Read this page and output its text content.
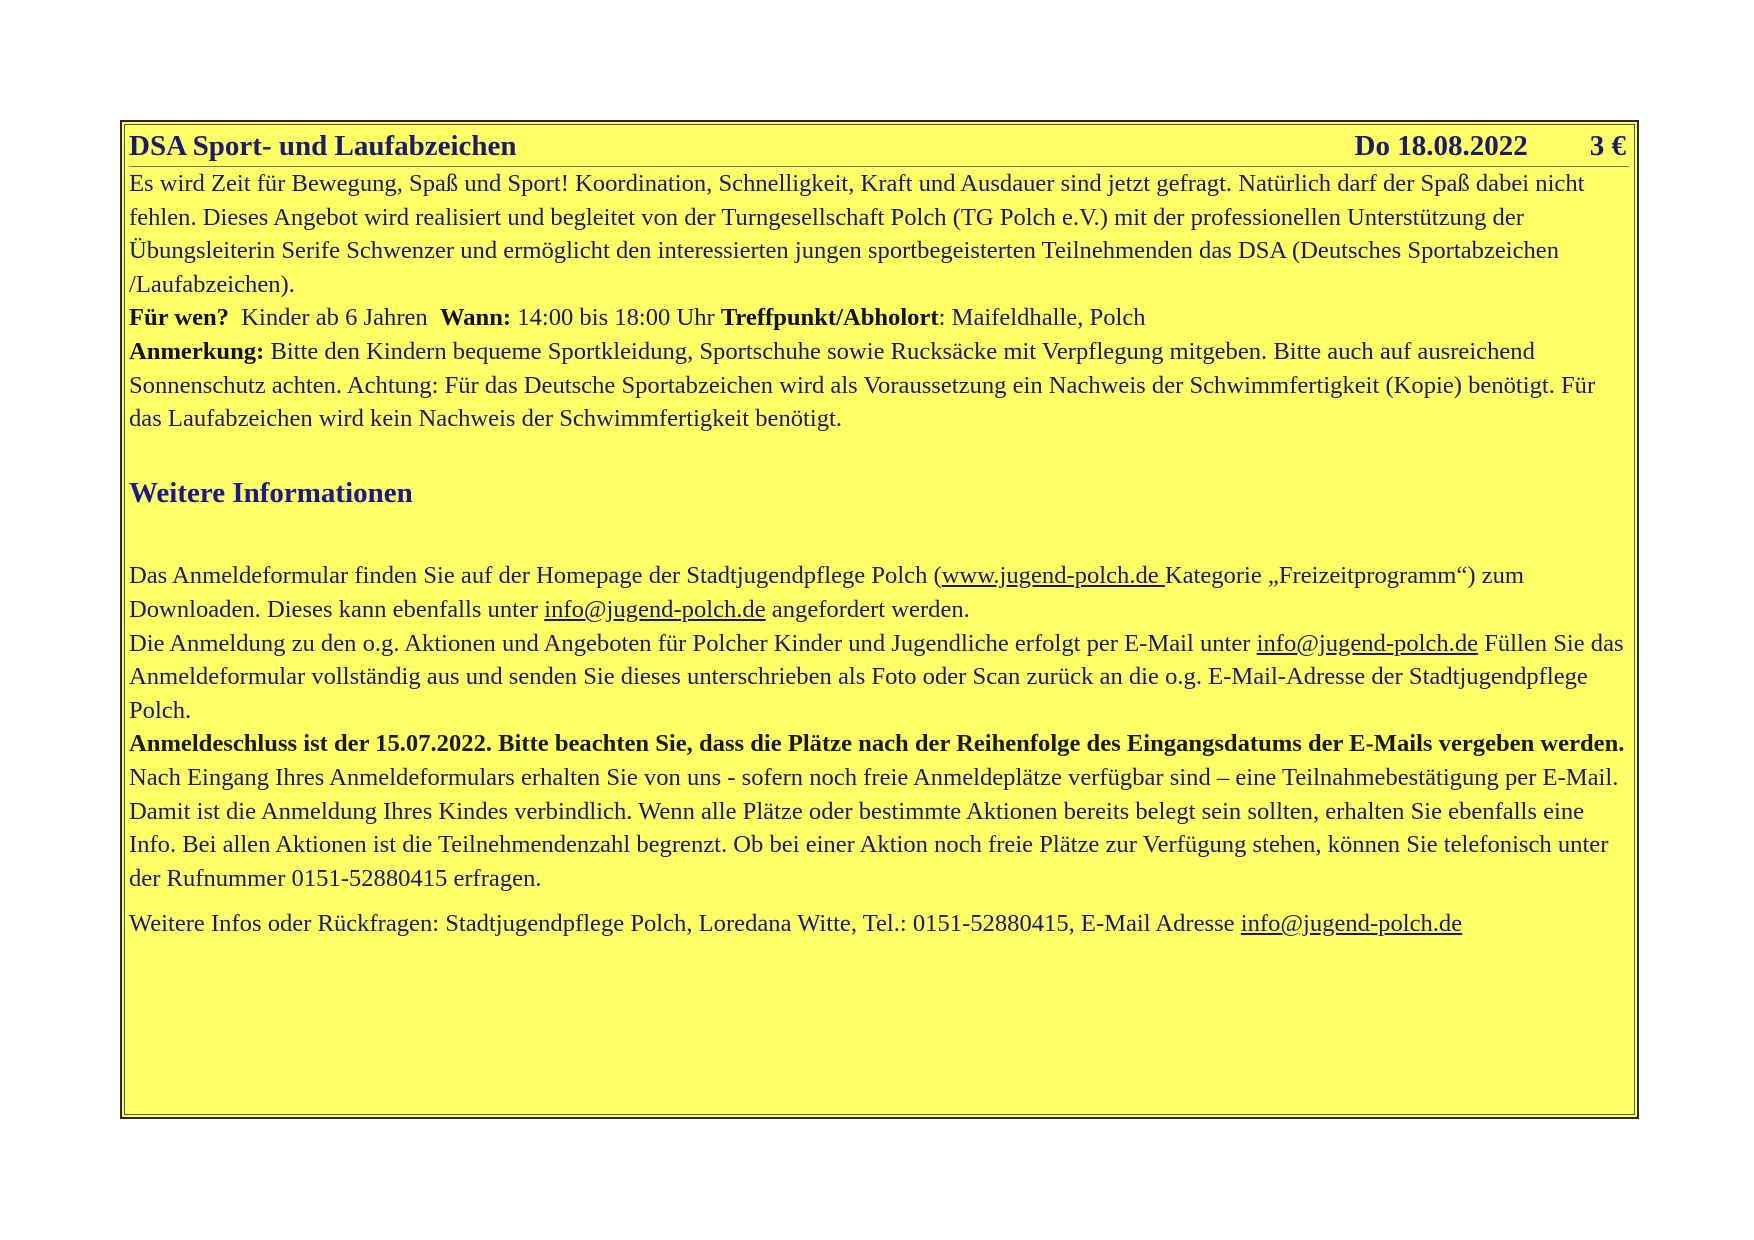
DSA Sport- und Laufabzeichen	Do 18.08.2022 3 €

Es wird Zeit für Bewegung, Spaß und Sport! Koordination, Schnelligkeit, Kraft und Ausdauer sind jetzt gefragt. Natürlich darf der Spaß dabei nicht fehlen. Dieses Angebot wird realisiert und begleitet von der Turngesellschaft Polch (TG Polch e.V.) mit der professionellen Unterstützung der Übungsleiterin Serife Schwenzer und ermöglicht den interessierten jungen sportbegeisterten Teilnehmenden das DSA (Deutsches Sportabzeichen /Laufabzeichen).

Für wen? Kinder ab 6 Jahren Wann: 14:00 bis 18:00 Uhr Treffpunkt/Abholort: Maifeldhalle, Polch

Anmerkung: Bitte den Kindern bequeme Sportkleidung, Sportschuhe sowie Rucksäcke mit Verpflegung mitgeben. Bitte auch auf ausreichend Sonnenschutz achten. Achtung: Für das Deutsche Sportabzeichen wird als Voraussetzung ein Nachweis der Schwimmfertigkeit (Kopie) benötigt. Für das Laufabzeichen wird kein Nachweis der Schwimmfertigkeit benötigt.

Weitere Informationen

Das Anmeldeformular finden Sie auf der Homepage der Stadtjugendpflege Polch (www.jugend-polch.de Kategorie „Freizeitprogramm“) zum Downloaden. Dieses kann ebenfalls unter info@jugend-polch.de angefordert werden.

Die Anmeldung zu den o.g. Aktionen und Angeboten für Polcher Kinder und Jugendliche erfolgt per E-Mail unter info@jugend-polch.de Füllen Sie das Anmeldeformular vollständig aus und senden Sie dieses unterschrieben als Foto oder Scan zurück an die o.g. E-Mail-Adresse der Stadtjugendpflege Polch.

Anmeldeschluss ist der 15.07.2022. Bitte beachten Sie, dass die Plätze nach der Reihenfolge des Eingangsdatums der E-Mails vergeben werden. Nach Eingang Ihres Anmeldeformulars erhalten Sie von uns - sofern noch freie Anmeldeplätze verfügbar sind – eine Teilnahmebestätigung per E-Mail. Damit ist die Anmeldung Ihres Kindes verbindlich. Wenn alle Plätze oder bestimmte Aktionen bereits belegt sein sollten, erhalten Sie ebenfalls eine Info. Bei allen Aktionen ist die Teilnehmendenzahl begrenzt. Ob bei einer Aktion noch freie Plätze zur Verfügung stehen, können Sie telefonisch unter der Rufnummer 0151-52880415 erfragen.

Weitere Infos oder Rückfragen: Stadtjugendpflege Polch, Loredana Witte, Tel.: 0151-52880415, E-Mail Adresse info@jugend-polch.de
